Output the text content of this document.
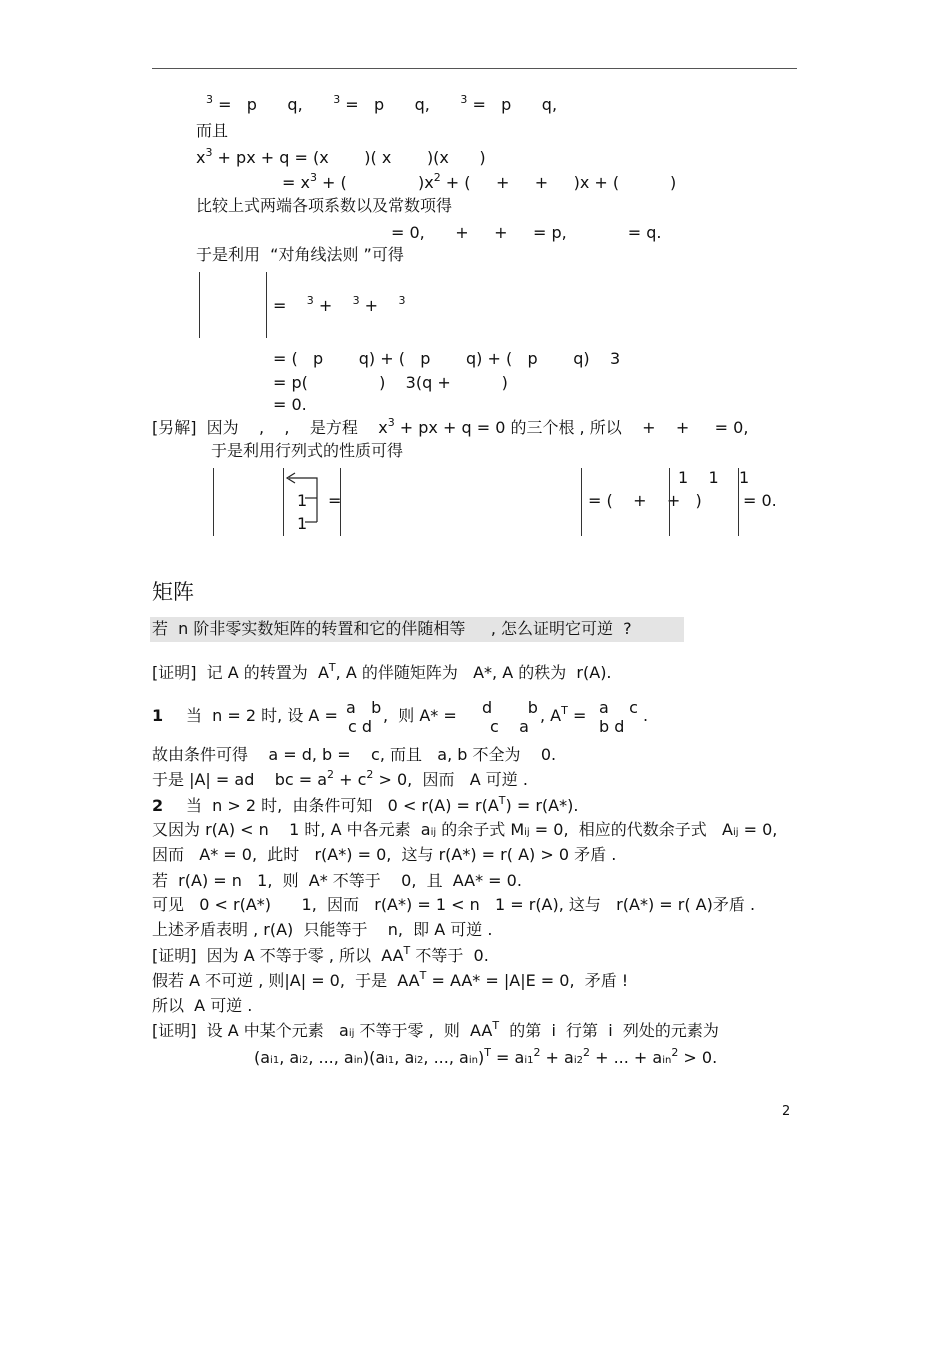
$^3$ =   p      q,      $^3$ =   p      q,      $^3$ =   p      q,
而且
$x^3$ + px + q = (x       )( x       )(x      )
= $x^3$ + (              )$x^2$ + (     +     +     )x + (          )
比较上式两端各项系数以及常数项得
= 0,      +     +     = p,            = q.
于是利用  “对角线法则 ”可得
=    $^3$ +    $^3$ +    $^3$
= (   p       q) + (   p       q) + (   p       q)    3
= p(              )    3(q +          )
= 0.
[另解]  因为    ,    ,    是方程    $x^3$ + px + q = 0 的三个根 , 所以    +    +     = 0,
于是利用行列式的性质可得
1
1
=	= (    +    +   )
1    1    1
= 0.
矩阵
若  n 阶非零实数矩阵的转置和它的伴随相等     , 怎么证明它可逆  ?
[证明]  记 A 的转置为  $A^T$, A 的伴随矩阵为   A*, A 的秩为  r(A).
1 当  n = 2 时, 设 A = a   b
c d
,  则 A* = d       b
c    a
, $A^T = a$    c
b d
.
故由条件可得    a = d, b =    c, 而且   a, b 不全为    0.
于是 |A| = ad    bc = $a^2 + c^2 > 0$,  因而   A 可逆 .
2 当  n > 2 时,  由条件可知   $0 < r(A) = r(A^T) = r(A*)$.
又因为 r(A) < n    1 时, A 中各元素  aij 的余子式 Mij = 0,  相应的代数余子式   Aij = 0,
因而   A* = 0,  此时   r(A*) = 0,  这与 r(A*) = r( A) > 0 矛盾 .
若  r(A) = n   1,  则  A* 不等于    0,  且  AA* = 0.
可见   0 < r(A*)      1,  因而   r(A*) = 1 < n   1 = r(A), 这与   r(A*) = r( A)矛盾 .
上述矛盾表明 , r(A)  只能等于    n,  即 A 可逆 .
[证明]  因为 A 不等于零 , 所以  $AA^T$ 不等于  0.
假若 A 不可逆 , 则|A| = 0,  于是  $AA^T = AA* = |A|E = 0$,  矛盾 !
所以  A 可逆 .
[证明]  设 A 中某个元素   aij 不等于零 ,  则  $AA^T$  的第  i  行第  i  列处的元素为
(ai1, ai2, ..., ain)(ai1, ai2, ..., $ain)^T = ai1^2 + ai2^2$ + ... + ain$^2$ > 0.
2
